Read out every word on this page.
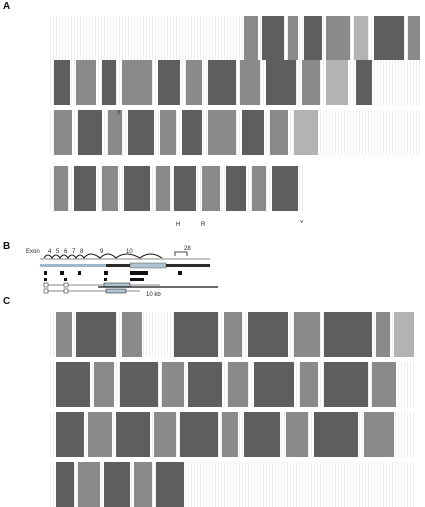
A
B
C
?
H	R	˅
Exon 4 5 6 7 8	9	10	28
10 kb
